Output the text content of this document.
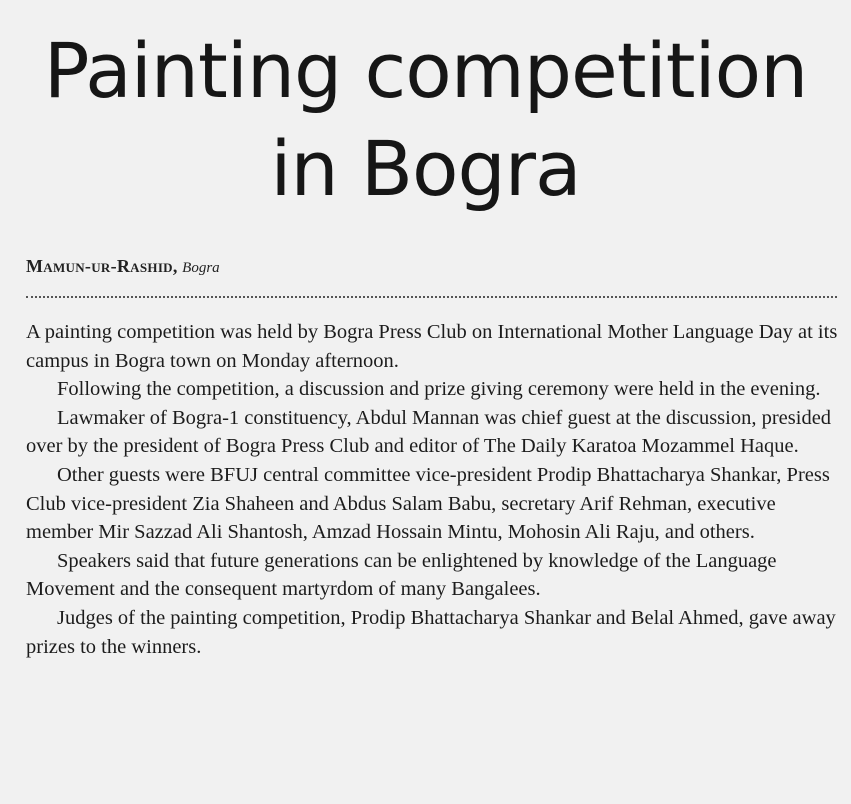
Painting competition
in Bogra
Mamun-ur-Rashid, Bogra

A painting competition was held by Bogra Press Club on International Mother Language Day at its campus in Bogra town on Monday afternoon.

Following the competition, a discussion and prize giving ceremony were held in the evening.

Lawmaker of Bogra-1 constituency, Abdul Mannan was chief guest at the discussion, presided over by the president of Bogra Press Club and editor of The Daily Karatoa Mozammel Haque.

Other guests were BFUJ central committee vice-president Prodip Bhattacharya Shankar, Press Club vice-president Zia Shaheen and Abdus Salam Babu, secretary Arif Rehman, executive member Mir Sazzad Ali Shantosh, Amzad Hossain Mintu, Mohosin Ali Raju, and others.

Speakers said that future generations can be enlightened by knowledge of the Language Movement and the consequent martyrdom of many Bangalees.

Judges of the painting competition, Prodip Bhattacharya Shankar and Belal Ahmed, gave away prizes to the winners.
